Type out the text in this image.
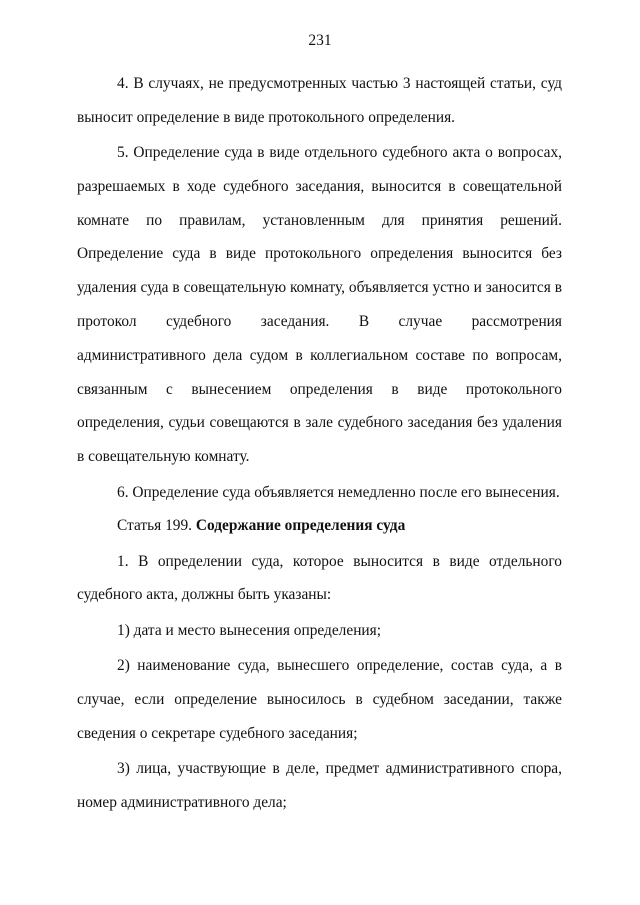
231

4. В случаях, не предусмотренных частью 3 настоящей статьи, суд выносит определение в виде протокольного определения.

5. Определение суда в виде отдельного судебного акта о вопросах, разрешаемых в ходе судебного заседания, выносится в совещательной комнате по правилам, установленным для принятия решений. Определение суда в виде протокольного определения выносится без удаления суда в совещательную комнату, объявляется устно и заносится в протокол судебного заседания. В случае рассмотрения административного дела судом в коллегиальном составе по вопросам, связанным с вынесением определения в виде протокольного определения, судьи совещаются в зале судебного заседания без удаления в совещательную комнату.

6. Определение суда объявляется немедленно после его вынесения.

Статья 199. Содержание определения суда

1. В определении суда, которое выносится в виде отдельного судебного акта, должны быть указаны:

1) дата и место вынесения определения;

2) наименование суда, вынесшего определение, состав суда, а в случае, если определение выносилось в судебном заседании, также сведения о секретаре судебного заседания;

3) лица, участвующие в деле, предмет административного спора, номер административного дела;
